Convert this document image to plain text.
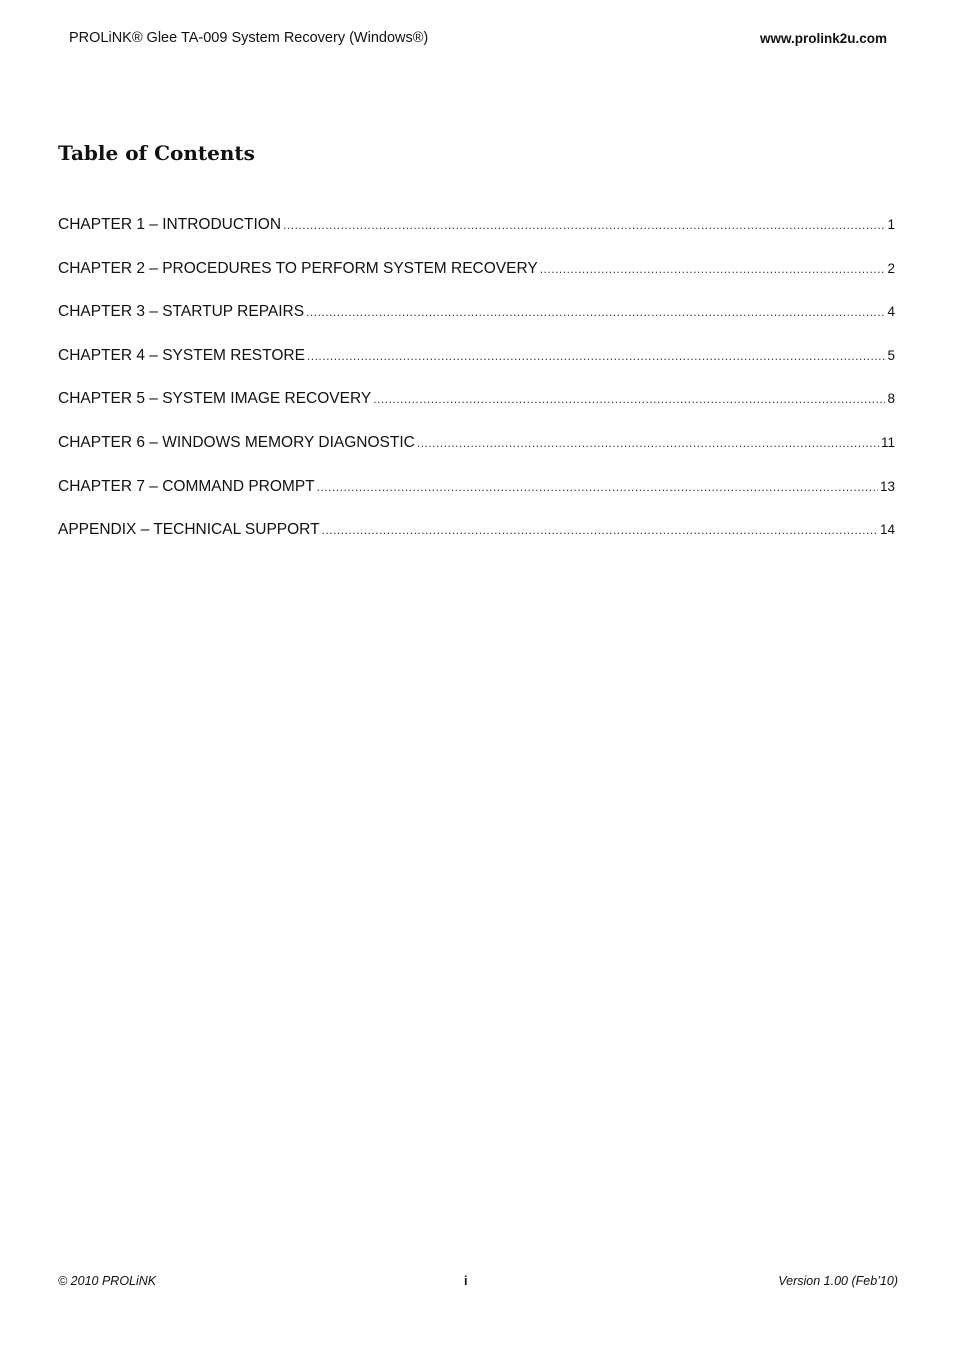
PROLiNK® Glee TA-009 System Recovery (Windows®)	www.prolink2u.com
Table of Contents
CHAPTER 1 – INTRODUCTION .....	1
CHAPTER 2 – PROCEDURES TO PERFORM SYSTEM RECOVERY .....	2
CHAPTER 3 – STARTUP REPAIRS .....	4
CHAPTER 4 – SYSTEM RESTORE .....	5
CHAPTER 5 – SYSTEM IMAGE RECOVERY .....	8
CHAPTER 6 – WINDOWS MEMORY DIAGNOSTIC .....	11
CHAPTER 7 – COMMAND PROMPT .....	13
APPENDIX – TECHNICAL SUPPORT .....	14
© 2010 PROLiNK	i	Version 1.00 (Feb’10)
